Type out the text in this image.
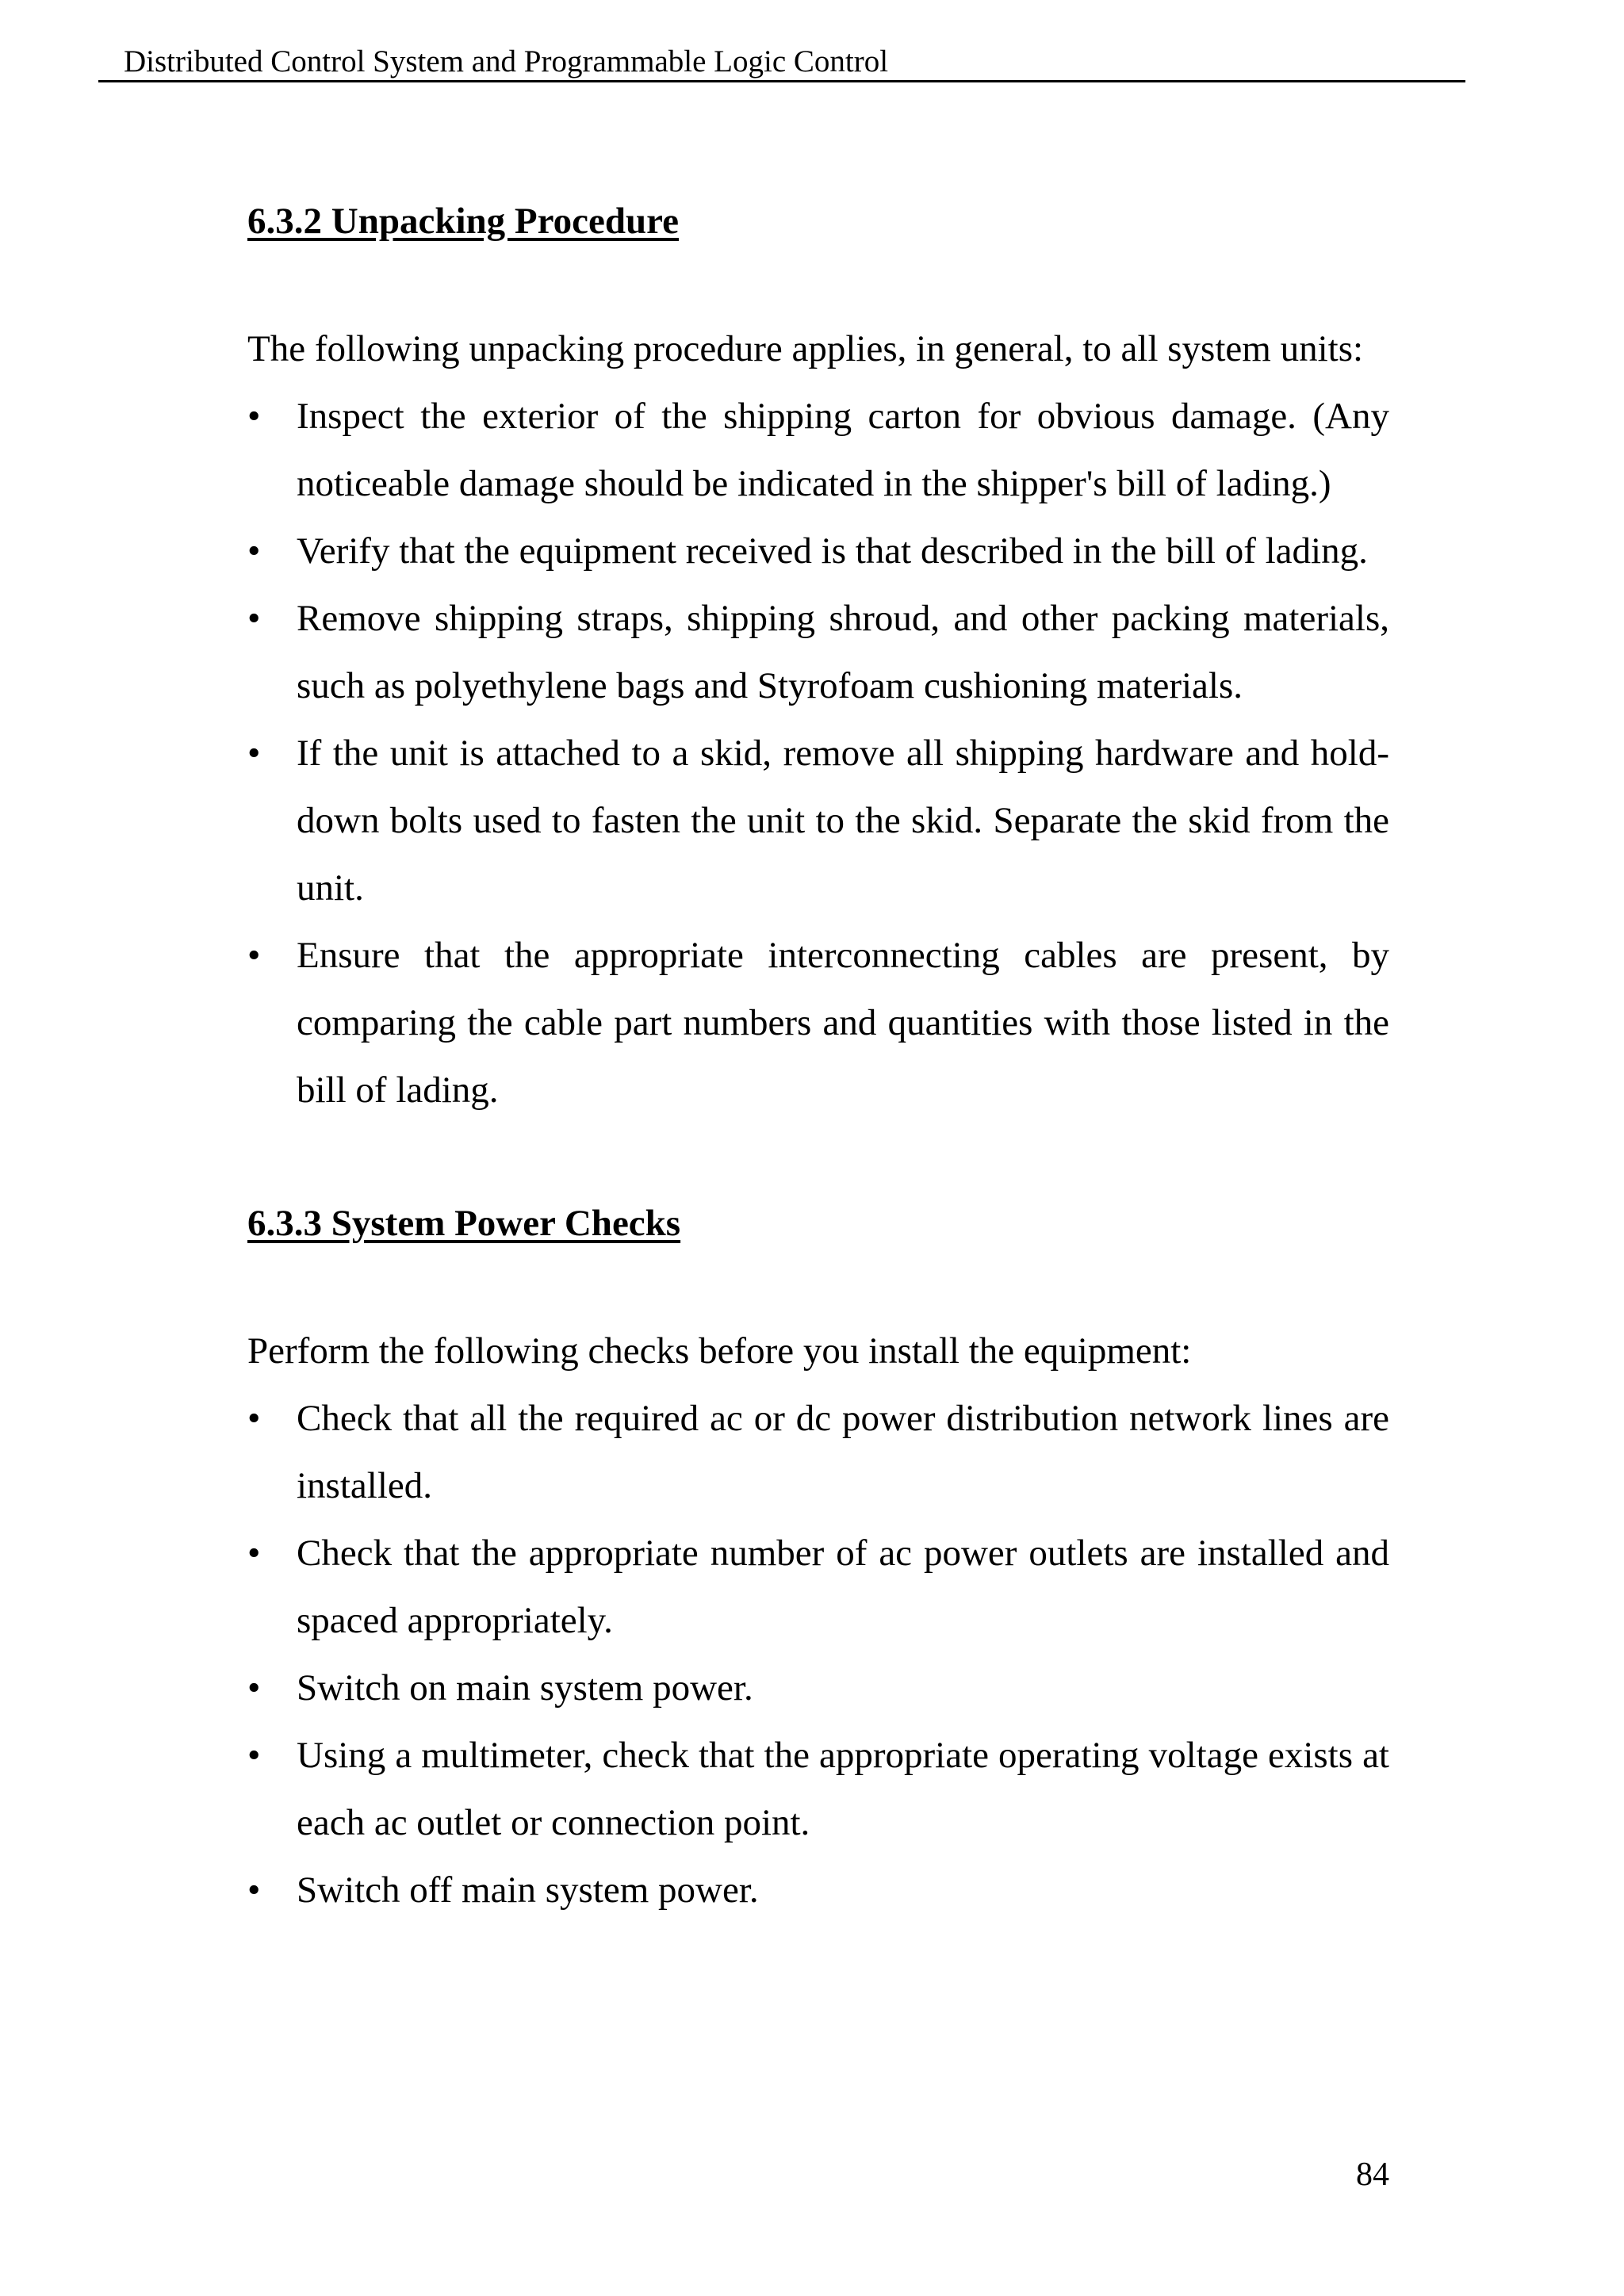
Distributed Control System and Programmable Logic Control
6.3.2 Unpacking Procedure

The following unpacking procedure applies, in general, to all system units:

• Inspect the exterior of the shipping carton for obvious damage. (Any noticeable damage should be indicated in the shipper's bill of lading.)
• Verify that the equipment received is that described in the bill of lading.
• Remove shipping straps, shipping shroud, and other packing materials, such as polyethylene bags and Styrofoam cushioning materials.
• If the unit is attached to a skid, remove all shipping hardware and hold-down bolts used to fasten the unit to the skid. Separate the skid from the unit.
• Ensure that the appropriate interconnecting cables are present, by comparing the cable part numbers and quantities with those listed in the bill of lading.
6.3.3 System Power Checks

Perform the following checks before you install the equipment:

• Check that all the required ac or dc power distribution network lines are installed.
• Check that the appropriate number of ac power outlets are installed and spaced appropriately.
• Switch on main system power.
• Using a multimeter, check that the appropriate operating voltage exists at each ac outlet or connection point.
• Switch off main system power.
84
